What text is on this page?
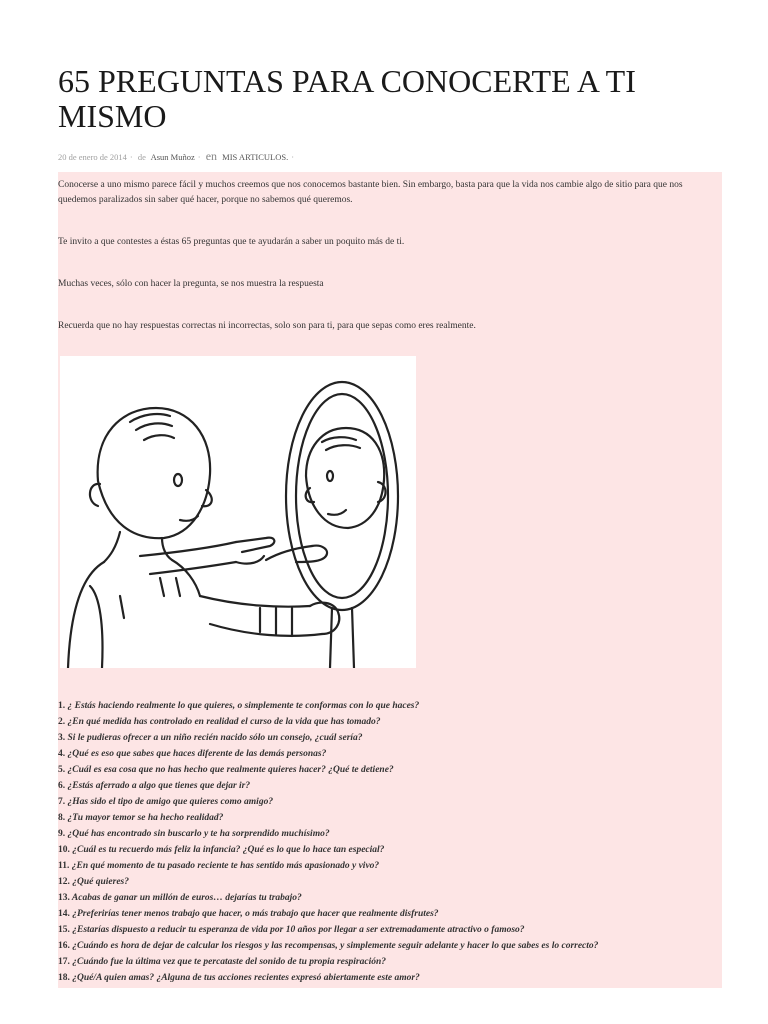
65 PREGUNTAS PARA CONOCERTE A TI MISMO
20 de enero de 2014 · de Asun Muñoz · en MIS ARTICULOS. ·

Conocerse a uno mismo parece fácil y muchos creemos que nos conocemos bastante bien. Sin embargo, basta para que la vida nos cambie algo de sitio para que nos quedemos paralizados sin saber qué hacer, porque no sabemos qué queremos.

Te invito a que contestes a éstas 65 preguntas que te ayudarán a saber un poquito más de ti.

Muchas veces, sólo con hacer la pregunta, se nos muestra la respuesta

Recuerda que no hay respuestas correctas ni incorrectas, solo son para ti, para que sepas como eres realmente.

1. ¿ Estás haciendo realmente lo que quieres, o simplemente te conformas con lo que haces?
2. ¿En qué medida has controlado en realidad el curso de la vida que has tomado?
3. Si le pudieras ofrecer a un niño recién nacido sólo un consejo, ¿cuál sería?
4. ¿Qué es eso que sabes que haces diferente de las demás personas?
5. ¿Cuál es esa cosa que no has hecho que realmente quieres hacer? ¿Qué te detiene?
6. ¿Estás aferrado a algo que tienes que dejar ir?
7. ¿Has sido el tipo de amigo que quieres como amigo?
8. ¿Tu mayor temor se ha hecho realidad?
9. ¿Qué has encontrado sin buscarlo y te ha sorprendido muchísimo?
10. ¿Cuál es tu recuerdo más feliz la infancia? ¿Qué es lo que lo hace tan especial?
11. ¿En qué momento de tu pasado reciente te has sentido más apasionado y vivo?
12. ¿Qué quieres?
13. Acabas de ganar un millón de euros… dejarías tu trabajo?
14. ¿Preferirías tener menos trabajo que hacer, o más trabajo que hacer que realmente disfrutes?
15. ¿Estarías dispuesto a reducir tu esperanza de vida por 10 años por llegar a ser extremadamente atractivo o famoso?
16. ¿Cuándo es hora de dejar de calcular los riesgos y las recompensas, y simplemente seguir adelante y hacer lo que sabes es lo correcto?
17. ¿Cuándo fue la última vez que te percataste del sonido de tu propia respiración?
18. ¿Qué/A quien amas? ¿Alguna de tus acciones recientes expresó abiertamente este amor?
